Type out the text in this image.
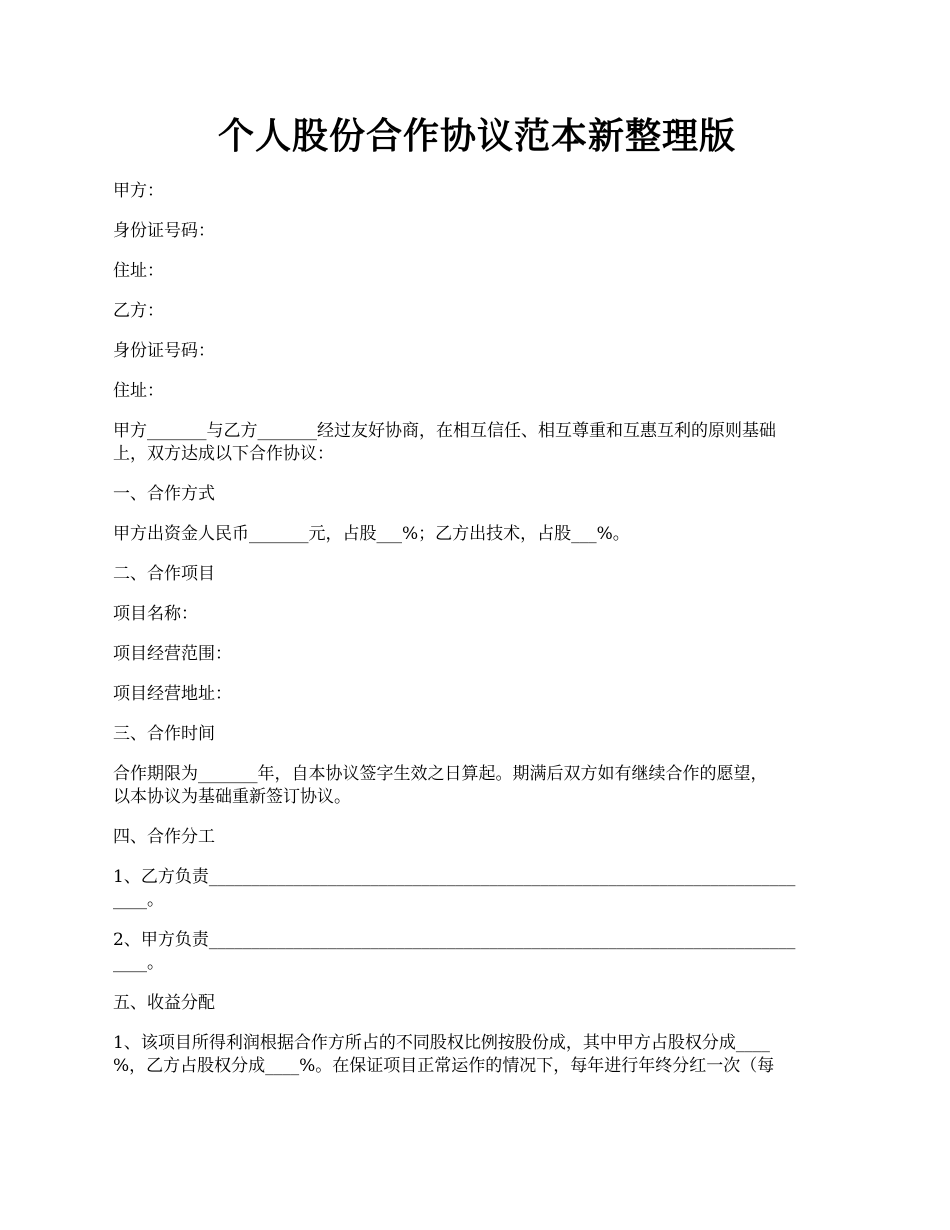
个人股份合作协议范本新整理版
甲方：
身份证号码：
住址：
乙方：
身份证号码：
住址：
甲方_______与乙方_______经过友好协商，在相互信任、相互尊重和互惠互利的原则基础
上，双方达成以下合作协议：
一、合作方式
甲方出资金人民币_______元，占股___%；乙方出技术，占股___%。
二、合作项目
项目名称：
项目经营范围：
项目经营地址：
三、合作时间
合作期限为_______年，自本协议签字生效之日算起。期满后双方如有继续合作的愿望，
以本协议为基础重新签订协议。
四、合作分工
1、乙方负责_____________________________________________________________________
____。
2、甲方负责_____________________________________________________________________
____。
五、收益分配
1、该项目所得利润根据合作方所占的不同股权比例按股份成，其中甲方占股权分成____
%，乙方占股权分成____%。在保证项目正常运作的情况下，每年进行年终分红一次（每
